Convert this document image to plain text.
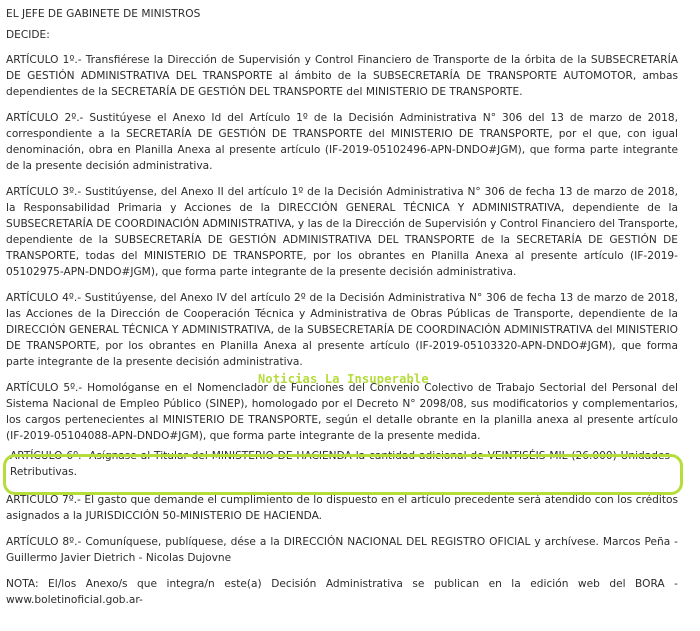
EL JEFE DE GABINETE DE MINISTROS

DECIDE:

ARTÍCULO 1º.- Transfiérese la Dirección de Supervisión y Control Financiero de Transporte de la órbita de la SUBSECRETARÍA DE GESTIÓN ADMINISTRATIVA DEL TRANSPORTE al ámbito de la SUBSECRETARÍA DE TRANSPORTE AUTOMOTOR, ambas dependientes de la SECRETARÍA DE GESTIÓN DEL TRANSPORTE del MINISTERIO DE TRANSPORTE.

ARTÍCULO 2º.- Sustitúyese el Anexo Id del Artículo 1º de la Decisión Administrativa N° 306 del 13 de marzo de 2018, correspondiente a la SECRETARÍA DE GESTIÓN DE TRANSPORTE del MINISTERIO DE TRANSPORTE, por el que, con igual denominación, obra en Planilla Anexa al presente artículo (IF-2019-05102496-APN-DNDO#JGM), que forma parte integrante de la presente decisión administrativa.

ARTÍCULO 3º.- Sustitúyense, del Anexo II del artículo 1º de la Decisión Administrativa N° 306 de fecha 13 de marzo de 2018, la Responsabilidad Primaria y Acciones de la DIRECCIÓN GENERAL TÉCNICA Y ADMINISTRATIVA, dependiente de la SUBSECRETARÍA DE COORDINACIÓN ADMINISTRATIVA, y las de la Dirección de Supervisión y Control Financiero del Transporte, dependiente de la SUBSECRETARÍA DE GESTIÓN ADMINISTRATIVA DEL TRANSPORTE de la SECRETARÍA DE GESTIÓN DE TRANSPORTE, todas del MINISTERIO DE TRANSPORTE, por los obrantes en Planilla Anexa al presente artículo (IF-2019-05102975-APN-DNDO#JGM), que forma parte integrante de la presente decisión administrativa.

ARTÍCULO 4º.- Sustitúyense, del Anexo IV del artículo 2º de la Decisión Administrativa N° 306 de fecha 13 de marzo de 2018, las Acciones de la Dirección de Cooperación Técnica y Administrativa de Obras Públicas de Transporte, dependiente de la DIRECCIÓN GENERAL TÉCNICA Y ADMINISTRATIVA, de la SUBSECRETARÍA DE COORDINACIÓN ADMINISTRATIVA del MINISTERIO DE TRANSPORTE, por los obrantes en Planilla Anexa al presente artículo (IF-2019-05103320-APN-DNDO#JGM), que forma parte integrante de la presente decisión administrativa.

ARTÍCULO 5º.- Homológanse en el Nomenclador de Funciones del Convenio Colectivo de Trabajo Sectorial del Personal del Sistema Nacional de Empleo Público (SINEP), homologado por el Decreto N° 2098/08, sus modificatorios y complementarios, los cargos pertenecientes al MINISTERIO DE TRANSPORTE, según el detalle obrante en la planilla anexa al presente artículo (IF-2019-05104088-APN-DNDO#JGM), que forma parte integrante de la presente medida.

ARTÍCULO 6º.- Asígnase al Titular del MINISTERIO DE HACIENDA la cantidad adicional de VEINTISÉIS MIL (26.000) Unidades Retributivas.

ARTÍCULO 7º.- El gasto que demande el cumplimiento de lo dispuesto en el artículo precedente será atendido con los créditos asignados a la JURISDICCIÓN 50-MINISTERIO DE HACIENDA.

ARTÍCULO 8º.- Comuníquese, publíquese, dése a la DIRECCIÓN NACIONAL DEL REGISTRO OFICIAL y archívese. Marcos Peña - Guillermo Javier Dietrich - Nicolas Dujovne

NOTA: El/los Anexo/s que integra/n este(a) Decisión Administrativa se publican en la edición web del BORA - www.boletinoficial.gob.ar-

Noticias La Insuperable
